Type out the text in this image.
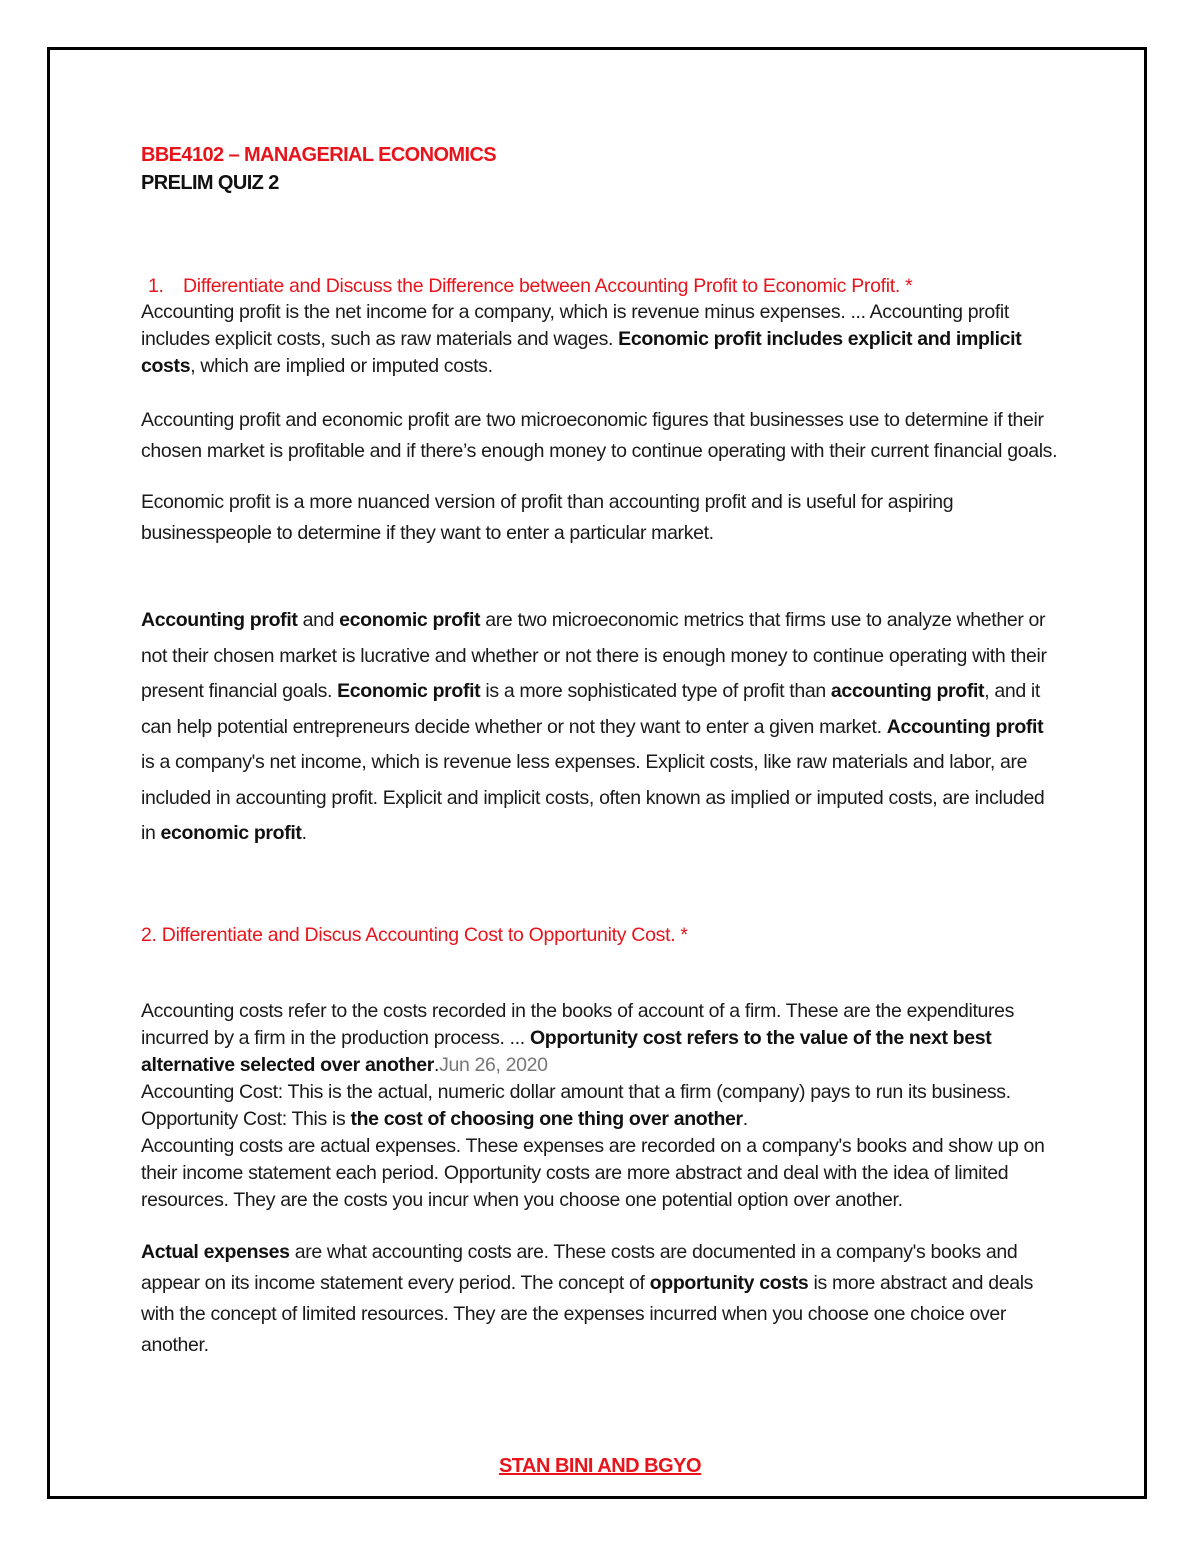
BBE4102 – MANAGERIAL ECONOMICS

PRELIM QUIZ 2

1. Differentiate and Discuss the Difference between Accounting Profit to Economic Profit. *

Accounting profit is the net income for a company, which is revenue minus expenses. ... Accounting profit includes explicit costs, such as raw materials and wages. Economic profit includes explicit and implicit costs, which are implied or imputed costs.

Accounting profit and economic profit are two microeconomic figures that businesses use to determine if their chosen market is profitable and if there’s enough money to continue operating with their current financial goals.

Economic profit is a more nuanced version of profit than accounting profit and is useful for aspiring businesspeople to determine if they want to enter a particular market.

Accounting profit and economic profit are two microeconomic metrics that firms use to analyze whether or not their chosen market is lucrative and whether or not there is enough money to continue operating with their present financial goals. Economic profit is a more sophisticated type of profit than accounting profit, and it can help potential entrepreneurs decide whether or not they want to enter a given market. Accounting profit is a company's net income, which is revenue less expenses. Explicit costs, like raw materials and labor, are included in accounting profit. Explicit and implicit costs, often known as implied or imputed costs, are included in economic profit.

2. Differentiate and Discus Accounting Cost to Opportunity Cost. *

Accounting costs refer to the costs recorded in the books of account of a firm. These are the expenditures incurred by a firm in the production process. ... Opportunity cost refers to the value of the next best alternative selected over another.Jun 26, 2020

Accounting Cost: This is the actual, numeric dollar amount that a firm (company) pays to run its business.

Opportunity Cost: This is the cost of choosing one thing over another.

Accounting costs are actual expenses. These expenses are recorded on a company's books and show up on their income statement each period. Opportunity costs are more abstract and deal with the idea of limited resources. They are the costs you incur when you choose one potential option over another.

Actual expenses are what accounting costs are. These costs are documented in a company's books and appear on its income statement every period. The concept of opportunity costs is more abstract and deals with the concept of limited resources. They are the expenses incurred when you choose one choice over another.

STAN BINI AND BGYO
